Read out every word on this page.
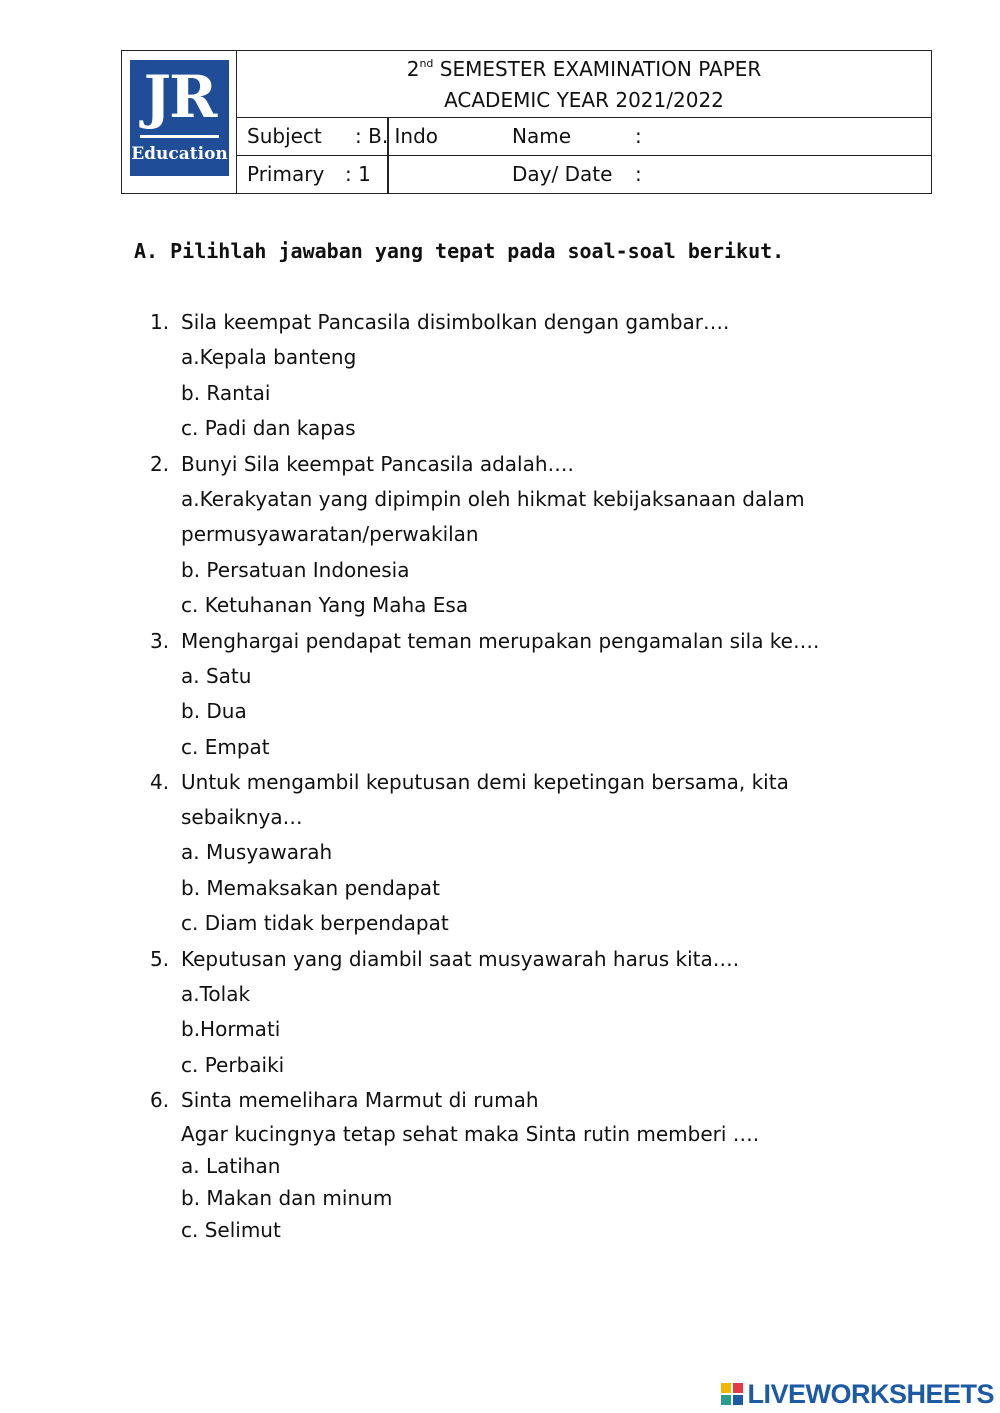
JR
Education
2nd SEMESTER EXAMINATION PAPER
ACADEMIC YEAR 2021/2022
Subject : B. Indo	Name	:
Primary : 1	Day/ Date :
A. Pilihlah jawaban yang tepat pada soal-soal berikut.
1. Sila keempat Pancasila disimbolkan dengan gambar….
a.Kepala banteng
b. Rantai
c. Padi dan kapas
2. Bunyi Sila keempat Pancasila adalah….
a.Kerakyatan yang dipimpin oleh hikmat kebijaksanaan dalam
permusyawaratan/perwakilan
b. Persatuan Indonesia
c. Ketuhanan Yang Maha Esa
3. Menghargai pendapat teman merupakan pengamalan sila ke….
a. Satu
b. Dua
c. Empat
4. Untuk mengambil keputusan demi kepetingan bersama, kita
sebaiknya…
a. Musyawarah
b. Memaksakan pendapat
c. Diam tidak berpendapat
5. Keputusan yang diambil saat musyawarah harus kita….
a.Tolak
b.Hormati
c. Perbaiki
6. Sinta memelihara Marmut di rumah
Agar kucingnya tetap sehat maka Sinta rutin memberi ….
a. Latihan
b. Makan dan minum
c. Selimut
LIVEWORKSHEETS
